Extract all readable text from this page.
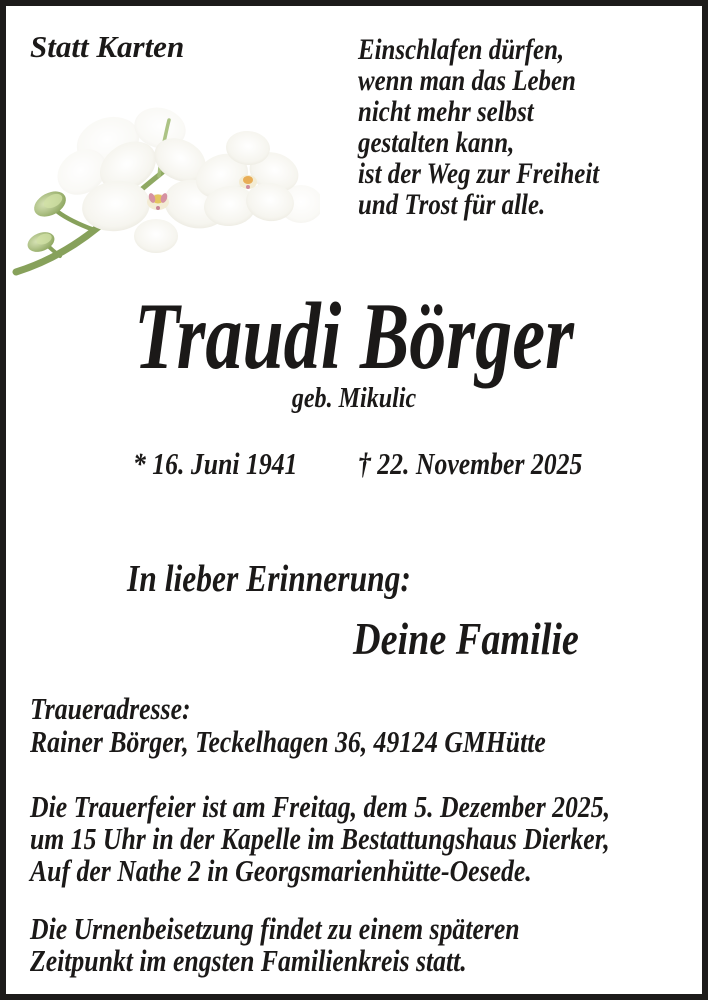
Statt Karten	Einschlafen dürfen,
wenn man das Leben
nicht mehr selbst
gestalten kann,
ist der Weg zur Freiheit
und Trost für alle.
Traudi Börger
geb. Mikulic
* 16. Juni 1941 † 22. November 2025
In lieber Erinnerung:
Deine Familie
Traueradresse:
Rainer Börger, Teckelhagen 36, 49124 GMHütte
Die Trauerfeier ist am Freitag, dem 5. Dezember 2025,
um 15 Uhr in der Kapelle im Bestattungshaus Dierker,
Auf der Nathe 2 in Georgsmarienhütte-Oesede.
Die Urnenbeisetzung findet zu einem späteren
Zeitpunkt im engsten Familienkreis statt.
